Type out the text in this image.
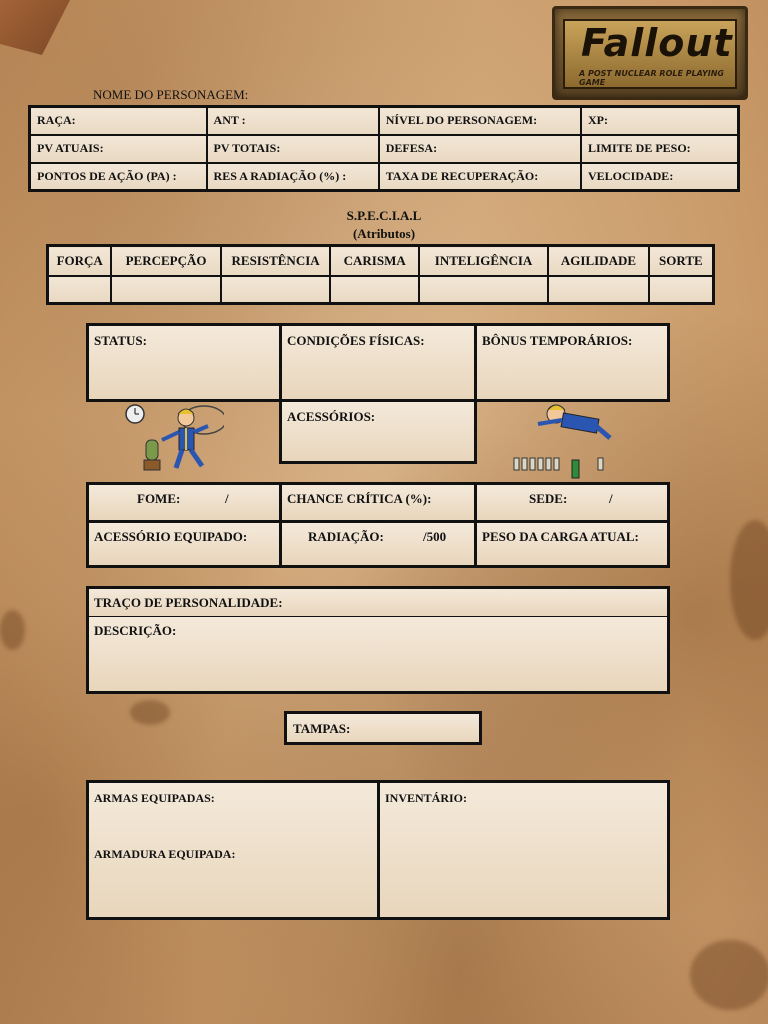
Fallout
A POST NUCLEAR ROLE PLAYING GAME
NOME DO PERSONAGEM:
RAÇA:	ANT :	NÍVEL DO PERSONAGEM:	XP:
PV ATUAIS:	PV TOTAIS:	DEFESA:	LIMITE DE PESO:
PONTOS DE AÇÃO (PA) :	RES A RADIAÇÃO (%) :	TAXA DE RECUPERAÇÃO:	VELOCIDADE:
S.P.E.C.I.A.L
(Atributos)
FORÇA	PERCEPÇÃO	RESISTÊNCIA	CARISMA	INTELIGÊNCIA	AGILIDADE	SORTE

STATUS:	CONDIÇÕES FÍSICAS:	BÔNUS TEMPORÁRIOS:
ACESSÓRIOS:
FOME:	/	CHANCE CRÍTICA (%):	SEDE:	/
ACESSÓRIO EQUIPADO:	RADIAÇÃO:	/500	PESO DA CARGA ATUAL:
TRAÇO DE PERSONALIDADE:
DESCRIÇÃO:
TAMPAS:
ARMAS EQUIPADAS:
ARMADURA EQUIPADA:
INVENTÁRIO:
